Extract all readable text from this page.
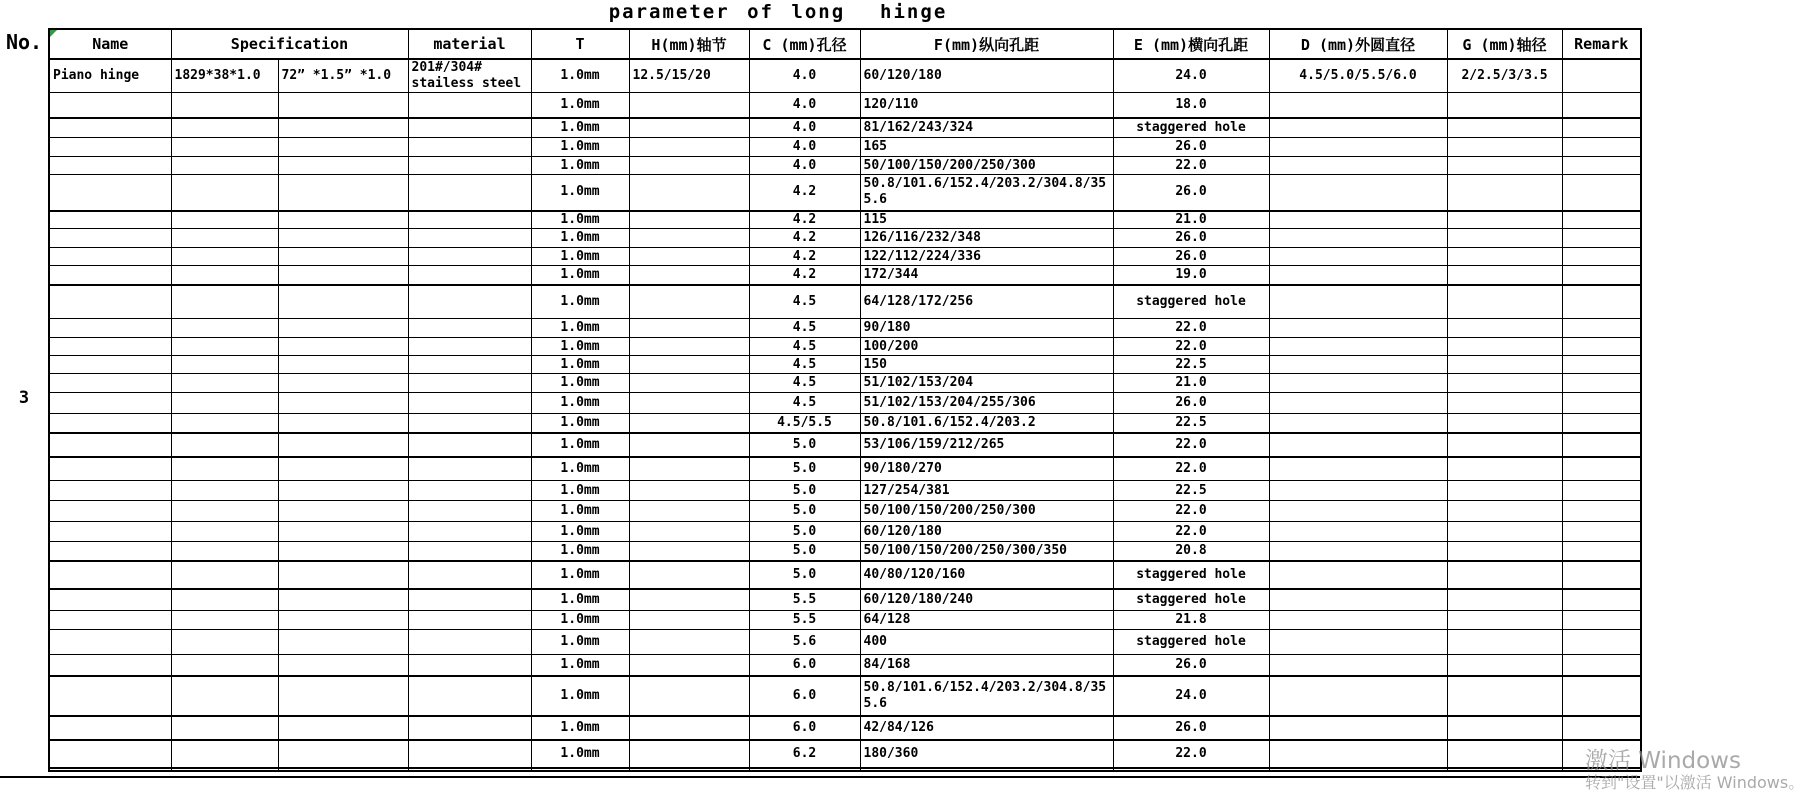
parameter of long  hinge
No.
3
Name	Specification		material	T	H(mm)轴节	C (mm)孔径	F(mm)纵向孔距	E (mm)横向孔距	D (mm)外圆直径	G (mm)轴径	Remark
Piano hinge	1829*38*1.0	72” *1.5” *1.0	201#/304#
stailess steel	1.0mm	12.5/15/20	4.0	60/120/180	24.0	4.5/5.0/5.5/6.0	2/2.5/3/3.5	
				1.0mm		4.0	120/110	18.0			
				1.0mm		4.0	81/162/243/324	staggered hole			
				1.0mm		4.0	165	26.0			
				1.0mm		4.0	50/100/150/200/250/300	22.0			
				1.0mm		4.2	50.8/101.6/152.4/203.2/304.8/355.6	26.0			
				1.0mm		4.2	115	21.0			
				1.0mm		4.2	126/116/232/348	26.0			
				1.0mm		4.2	122/112/224/336	26.0			
				1.0mm		4.2	172/344	19.0			
				1.0mm		4.5	64/128/172/256	staggered hole			
				1.0mm		4.5	90/180	22.0			
				1.0mm		4.5	100/200	22.0			
				1.0mm		4.5	150	22.5			
				1.0mm		4.5	51/102/153/204	21.0			
				1.0mm		4.5	51/102/153/204/255/306	26.0			
				1.0mm		4.5/5.5	50.8/101.6/152.4/203.2	22.5			
				1.0mm		5.0	53/106/159/212/265	22.0			
				1.0mm		5.0	90/180/270	22.0			
				1.0mm		5.0	127/254/381	22.5			
				1.0mm		5.0	50/100/150/200/250/300	22.0			
				1.0mm		5.0	60/120/180	22.0			
				1.0mm		5.0	50/100/150/200/250/300/350	20.8			
				1.0mm		5.0	40/80/120/160	staggered hole			
				1.0mm		5.5	60/120/180/240	staggered hole			
				1.0mm		5.5	64/128	21.8			
				1.0mm		5.6	400	staggered hole			
				1.0mm		6.0	84/168	26.0			
				1.0mm		6.0	50.8/101.6/152.4/203.2/304.8/355.6	24.0			
				1.0mm		6.0	42/84/126	26.0			
				1.0mm		6.2	180/360	22.0			
												激活 Windows
转到"设置"以激活 Windows。
